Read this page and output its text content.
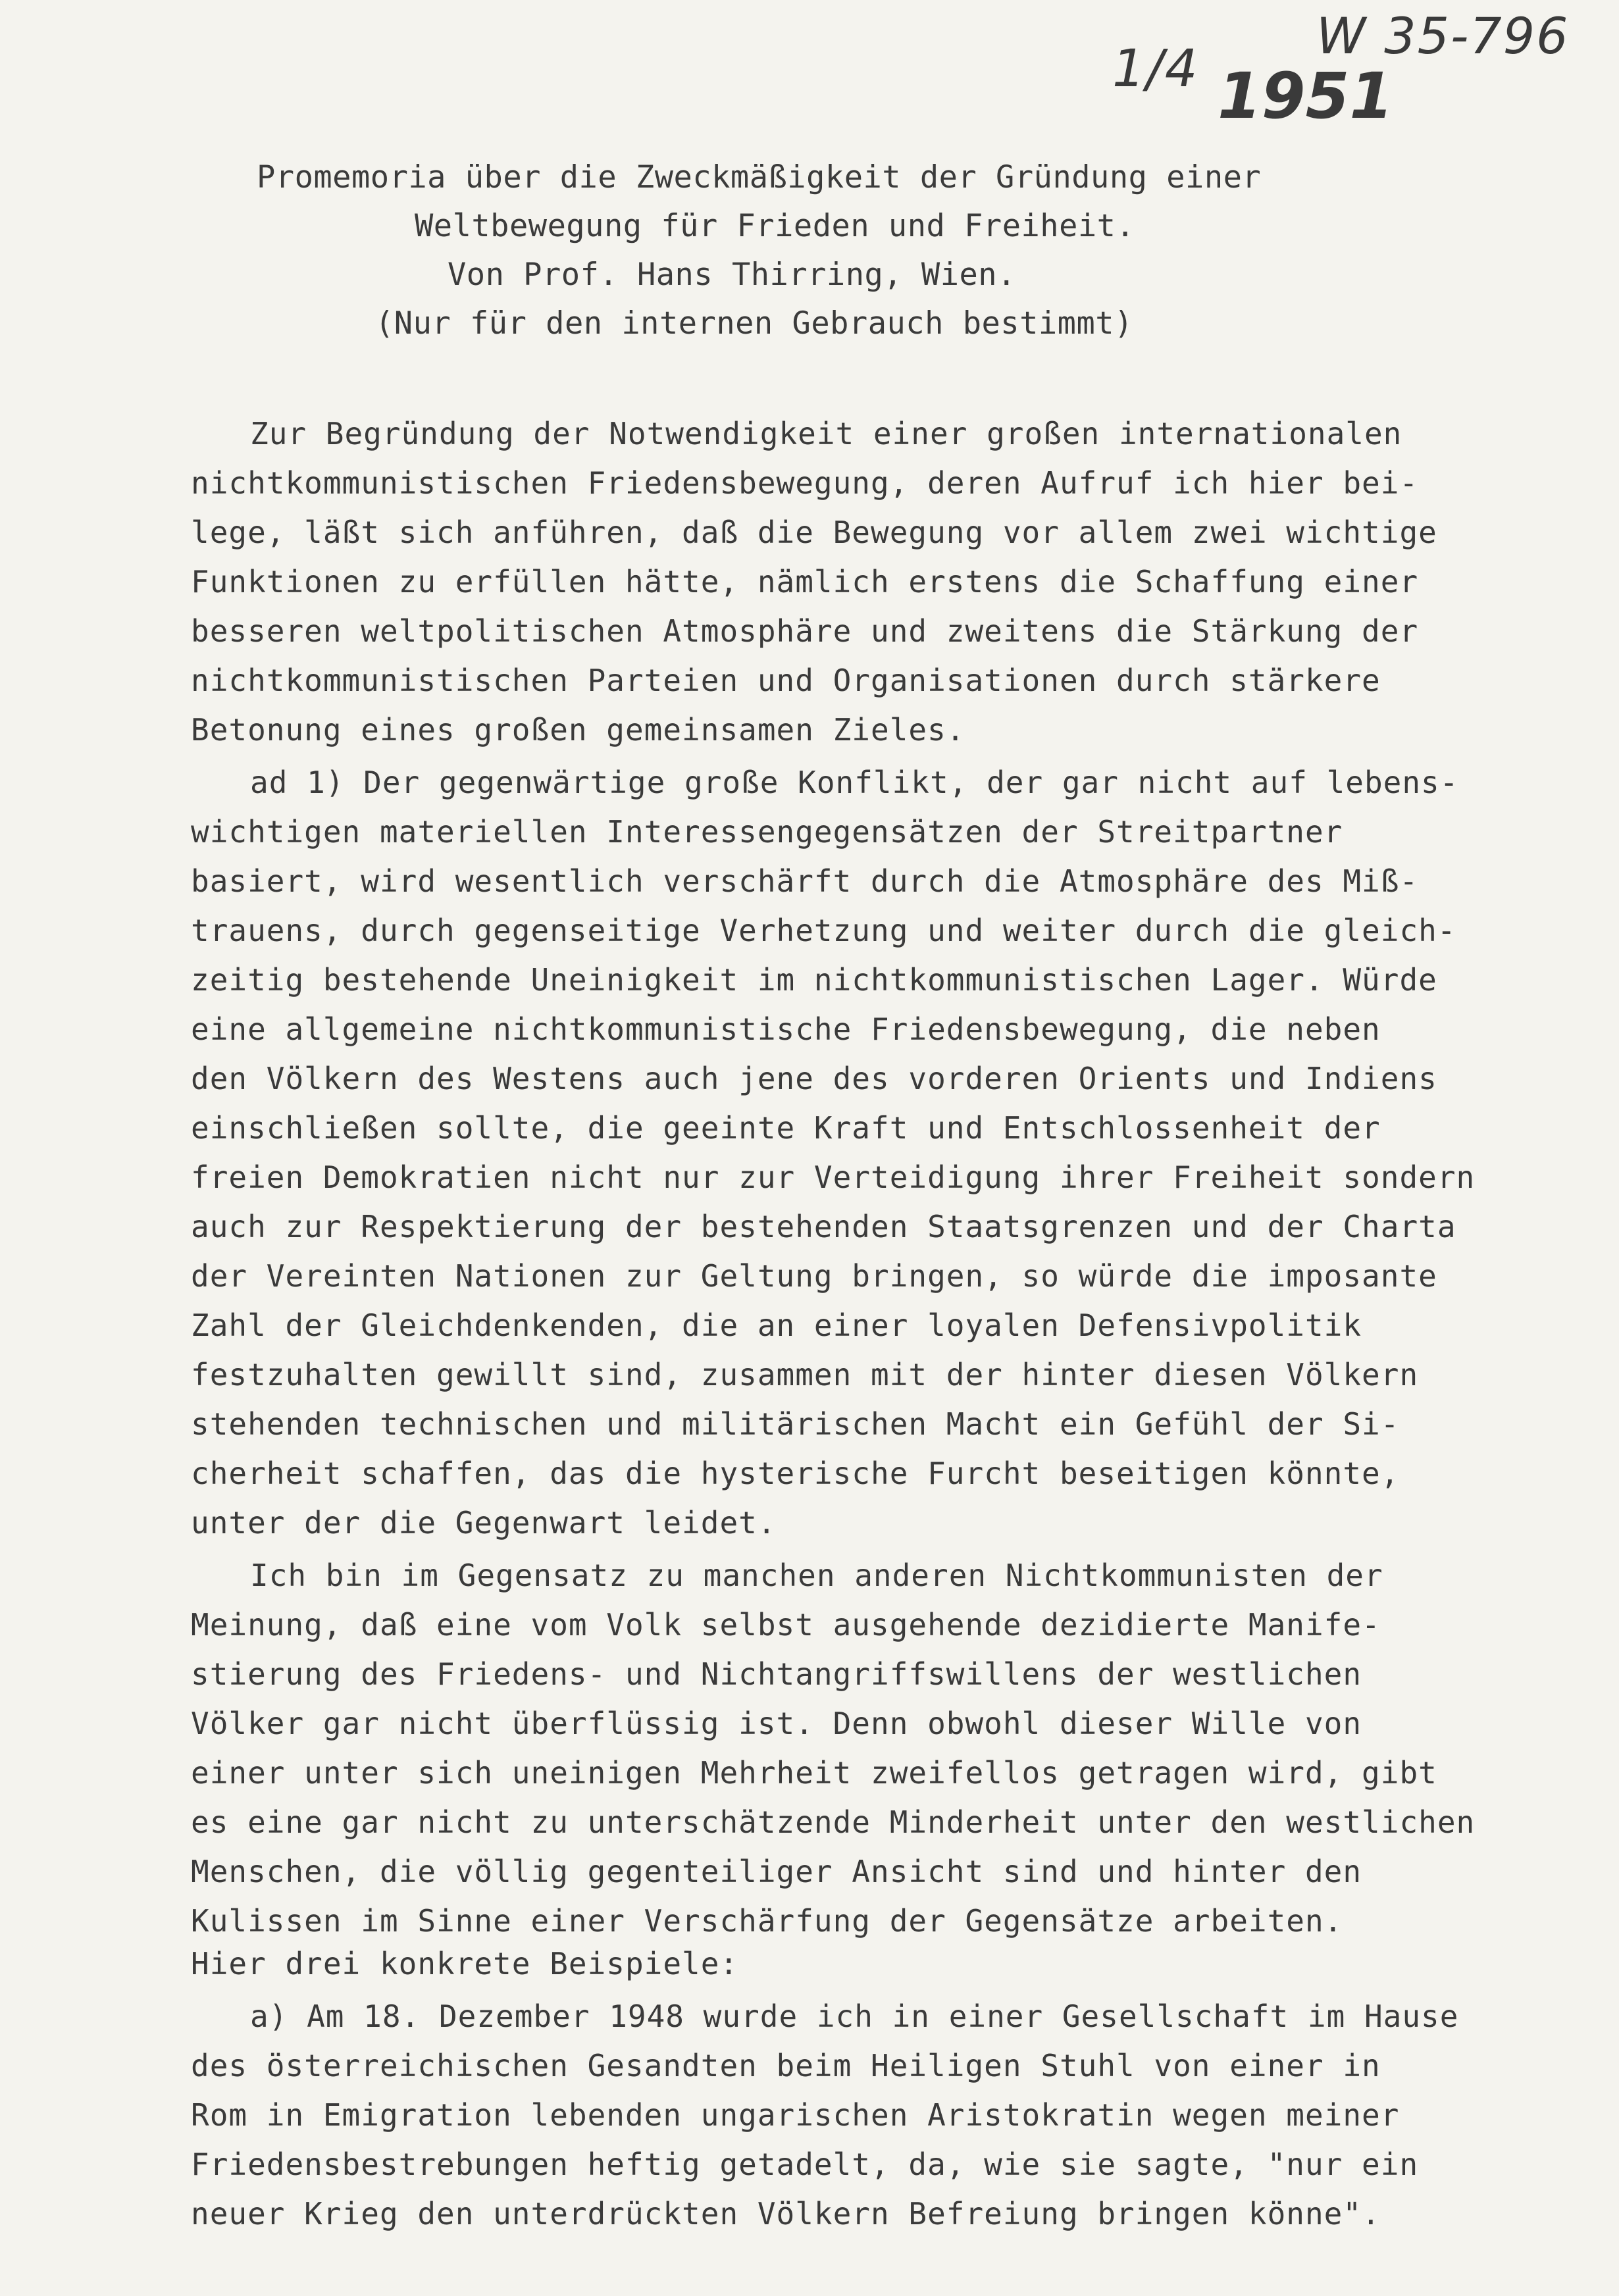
1/4 1951
W 35-796
Promemoria über die Zweckmäßigkeit der Gründung einer
Weltbewegung für Frieden und Freiheit.
Von Prof. Hans Thirring, Wien.
(Nur für den internen Gebrauch bestimmt)
Zur Begründung der Notwendigkeit einer großen internationalen
nichtkommunistischen Friedensbewegung, deren Aufruf ich hier bei-
lege, läßt sich anführen, daß die Bewegung vor allem zwei wichtige
Funktionen zu erfüllen hätte, nämlich erstens die Schaffung einer
besseren weltpolitischen Atmosphäre und zweitens die Stärkung der
nichtkommunistischen Parteien und Organisationen durch stärkere
Betonung eines großen gemeinsamen Zieles.
ad 1) Der gegenwärtige große Konflikt, der gar nicht auf lebens-
wichtigen materiellen Interessengegensätzen der Streitpartner
basiert, wird wesentlich verschärft durch die Atmosphäre des Miß-
trauens, durch gegenseitige Verhetzung und weiter durch die gleich-
zeitig bestehende Uneinigkeit im nichtkommunistischen Lager. Würde
eine allgemeine nichtkommunistische Friedensbewegung, die neben
den Völkern des Westens auch jene des vorderen Orients und Indiens
einschließen sollte, die geeinte Kraft und Entschlossenheit der
freien Demokratien nicht nur zur Verteidigung ihrer Freiheit sondern
auch zur Respektierung der bestehenden Staatsgrenzen und der Charta
der Vereinten Nationen zur Geltung bringen, so würde die imposante
Zahl der Gleichdenkenden, die an einer loyalen Defensivpolitik
festzuhalten gewillt sind, zusammen mit der hinter diesen Völkern
stehenden technischen und militärischen Macht ein Gefühl der Si-
cherheit schaffen, das die hysterische Furcht beseitigen könnte,
unter der die Gegenwart leidet.
Ich bin im Gegensatz zu manchen anderen Nichtkommunisten der
Meinung, daß eine vom Volk selbst ausgehende dezidierte Manife-
stierung des Friedens- und Nichtangriffswillens der westlichen
Völker gar nicht überflüssig ist. Denn obwohl dieser Wille von
einer unter sich uneinigen Mehrheit zweifellos getragen wird, gibt
es eine gar nicht zu unterschätzende Minderheit unter den westlichen
Menschen, die völlig gegenteiliger Ansicht sind und hinter den
Kulissen im Sinne einer Verschärfung der Gegensätze arbeiten.
Hier drei konkrete Beispiele:
a) Am 18. Dezember 1948 wurde ich in einer Gesellschaft im Hause
des österreichischen Gesandten beim Heiligen Stuhl von einer in
Rom in Emigration lebenden ungarischen Aristokratin wegen meiner
Friedensbestrebungen heftig getadelt, da, wie sie sagte, "nur ein
neuer Krieg den unterdrückten Völkern Befreiung bringen könne".
